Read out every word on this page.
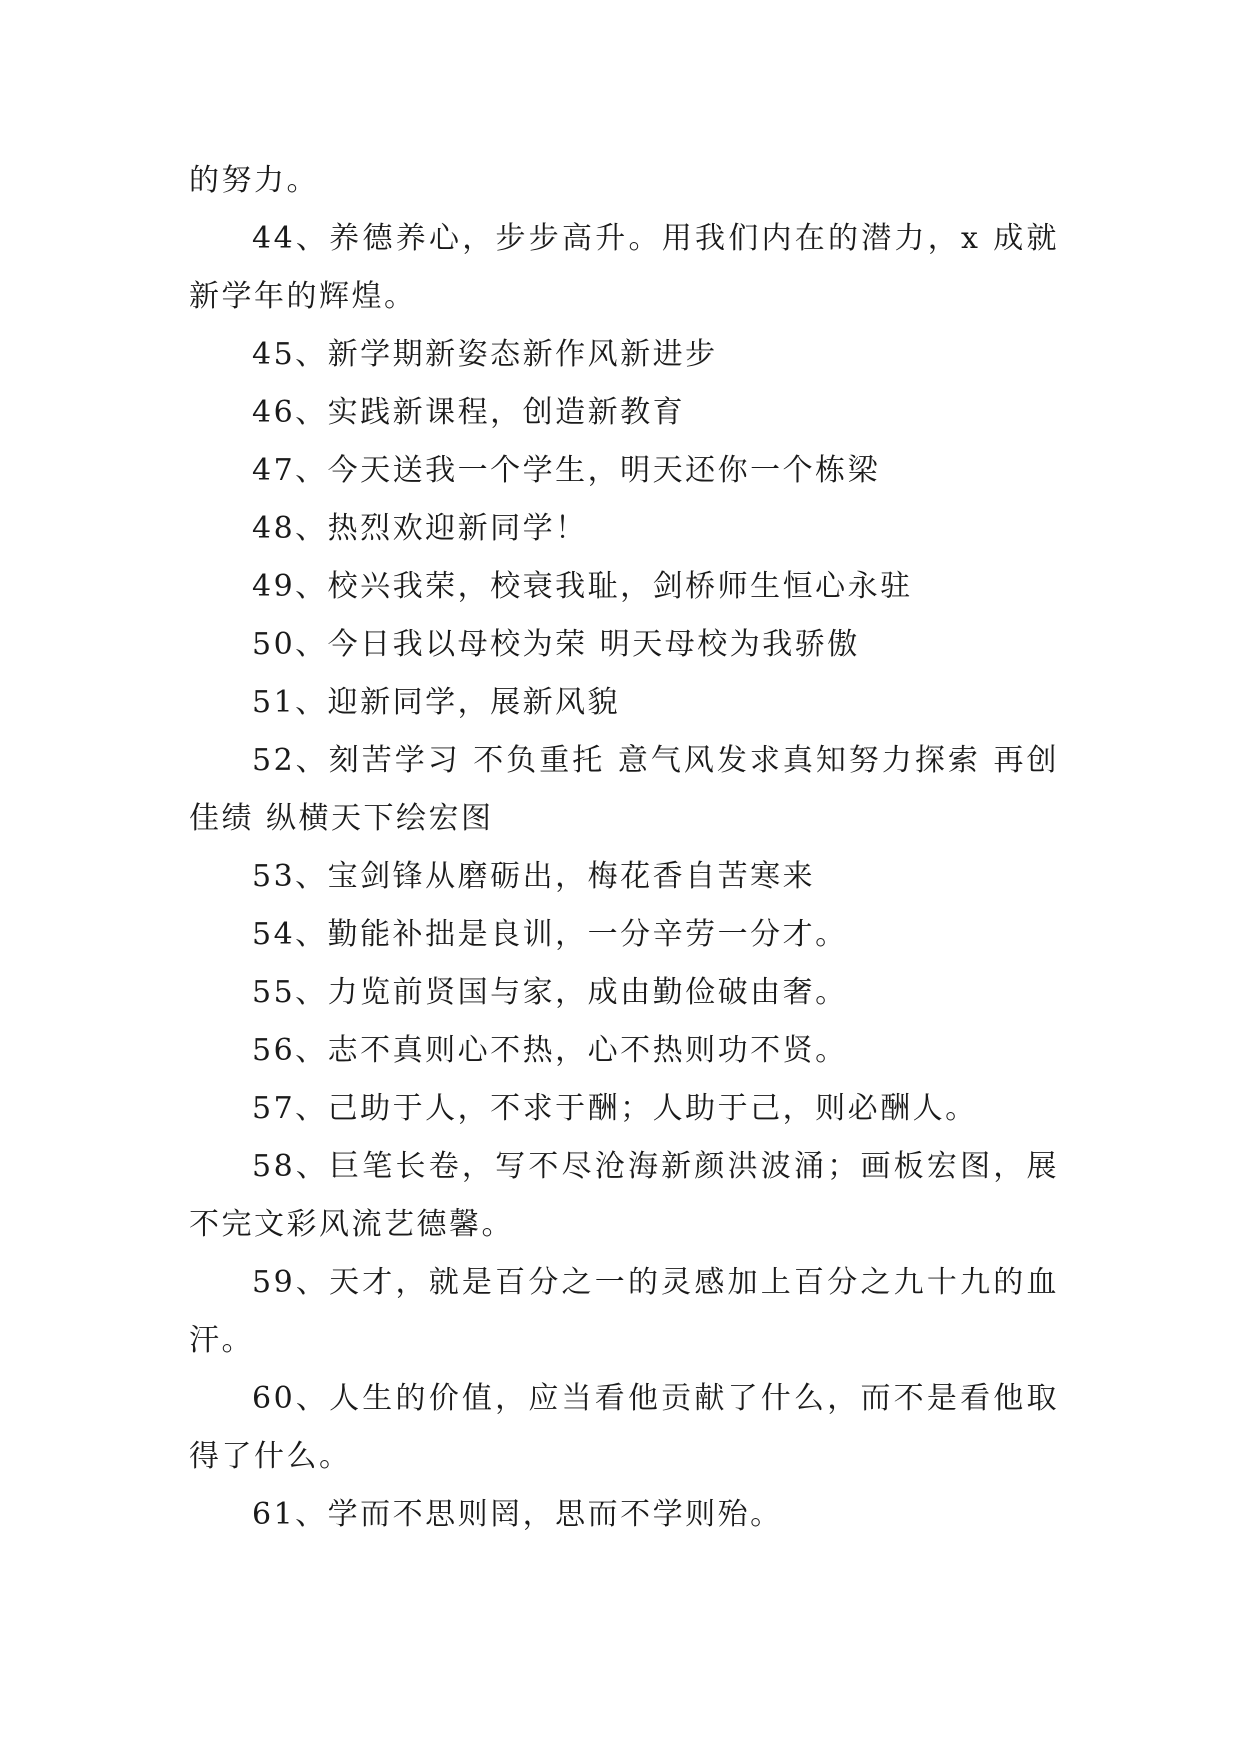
的努力。

44、养德养心，步步高升。用我们内在的潜力，x 成就新学年的辉煌。

45、新学期新姿态新作风新进步

46、实践新课程，创造新教育

47、今天送我一个学生，明天还你一个栋梁

48、热烈欢迎新同学！

49、校兴我荣，校衰我耻，剑桥师生恒心永驻

50、今日我以母校为荣 明天母校为我骄傲

51、迎新同学，展新风貌

52、刻苦学习 不负重托 意气风发求真知努力探索 再创佳绩 纵横天下绘宏图

53、宝剑锋从磨砺出，梅花香自苦寒来

54、勤能补拙是良训，一分辛劳一分才。

55、力览前贤国与家，成由勤俭破由奢。

56、志不真则心不热，心不热则功不贤。

57、己助于人，不求于酬；人助于己，则必酬人。

58、巨笔长卷，写不尽沧海新颜洪波涌；画板宏图，展不完文彩风流艺德馨。

59、天才，就是百分之一的灵感加上百分之九十九的血汗。

60、人生的价值，应当看他贡献了什么，而不是看他取得了什么。

61、学而不思则罔，思而不学则殆。
